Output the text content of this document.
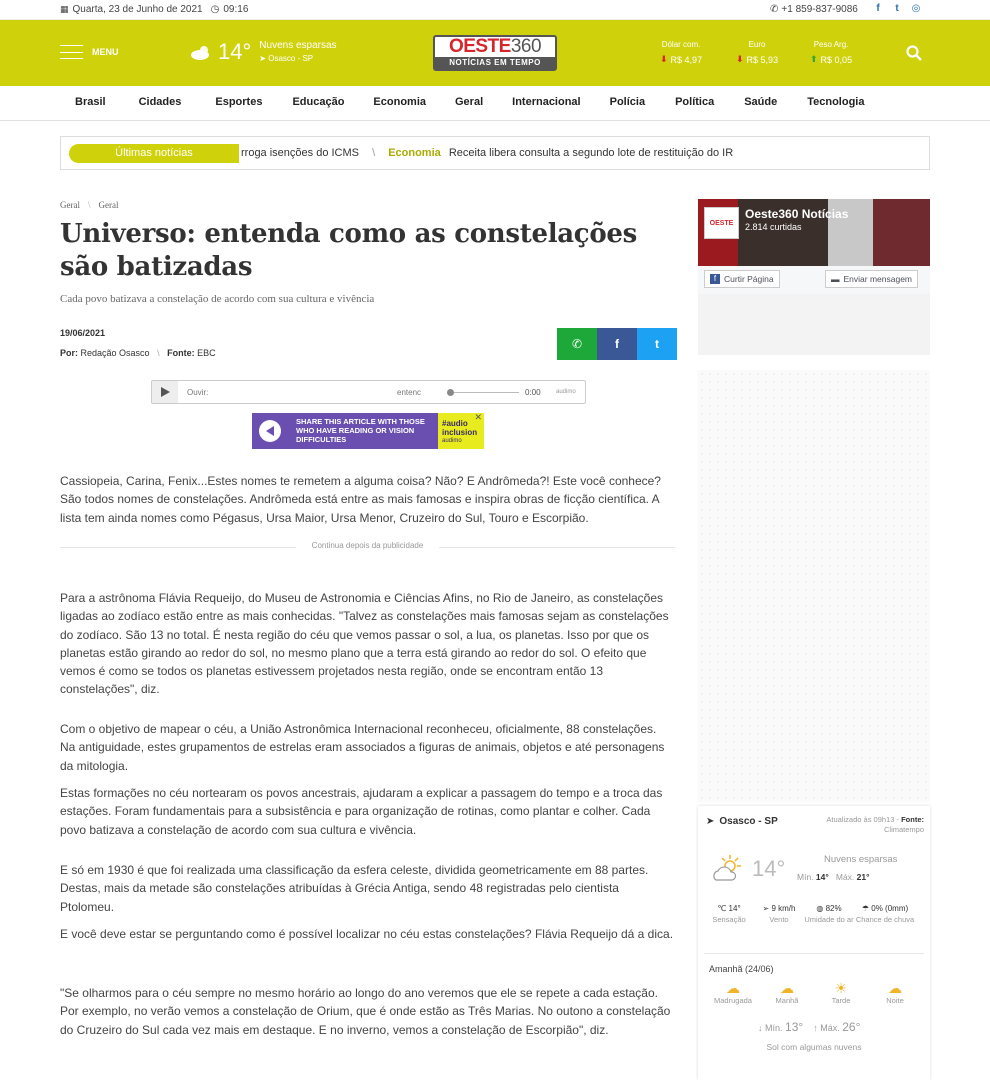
▦ Quarta, 23 de Junho de 2021 ◷ 09:16	✆ +1 859-837-9086	f	t	◎
MENU	14° Nuvens esparsas
➤ Osasco - SP
OESTE360
NOTÍCIAS EM TEMPO
Dólar com.
⬇ R$ 4,97
Euro
⬇ R$ 5,93
Peso Arg.
⬆ R$ 0,05
Brasil	Cidades	Esportes	Educação	Economia	Geral	Internacional	Polícia	Política	Saúde	Tecnologia
Últimas notícias	rroga isenções do ICMS \ Economia Receita libera consulta a segundo lote de restituição do IR
Geral \ Geral
Universo: entenda como as constelações são batizadas
Cada povo batizava a constelação de acordo com sua cultura e vivência
19/06/2021
Por: Redação Osasco \ Fonte: EBC
✆	f	t
Ouvir:	entenc	0:00	audimo
SHARE THIS ARTICLE WITH THOSE WHO HAVE READING OR VISION DIFFICULTIES
✕
#audio
inclusion
audimo

Cassiopeia, Carina, Fenix...Estes nomes te remetem a alguma coisa? Não? E Andrômeda?! Este você conhece? São todos nomes de constelações. Andrômeda está entre as mais famosas e inspira obras de ficção científica. A lista tem ainda nomes como Pégasus, Ursa Maior, Ursa Menor, Cruzeiro do Sul, Touro e Escorpião.

Continua depois da publicidade

Para a astrônoma Flávia Requeijo, do Museu de Astronomia e Ciências Afins, no Rio de Janeiro, as constelações ligadas ao zodíaco estão entre as mais conhecidas. "Talvez as constelações mais famosas sejam as constelações do zodíaco. São 13 no total. É nesta região do céu que vemos passar o sol, a lua, os planetas. Isso por que os planetas estão girando ao redor do sol, no mesmo plano que a terra está girando ao redor do sol. O efeito que vemos é como se todos os planetas estivessem projetados nesta região, onde se encontram então 13 constelações", diz.

Com o objetivo de mapear o céu, a União Astronômica Internacional reconheceu, oficialmente, 88 constelações. Na antiguidade, estes grupamentos de estrelas eram associados a figuras de animais, objetos e até personagens da mitologia.

Estas formações no céu nortearam os povos ancestrais, ajudaram a explicar a passagem do tempo e a troca das estações. Foram fundamentais para a subsistência e para organização de rotinas, como plantar e colher. Cada povo batizava a constelação de acordo com sua cultura e vivência.

E só em 1930 é que foi realizada uma classificação da esfera celeste, dividida geometricamente em 88 partes. Destas, mais da metade são constelações atribuídas à Grécia Antiga, sendo 48 registradas pelo cientista Ptolomeu.

E você deve estar se perguntando como é possível localizar no céu estas constelações? Flávia Requeijo dá a dica.

"Se olharmos para o céu sempre no mesmo horário ao longo do ano veremos que ele se repete a cada estação. Por exemplo, no verão vemos a constelação de Orium, que é onde estão as Três Marias. No outono a constelação do Cruzeiro do Sul cada vez mais em destaque. E no inverno, vemos a constelação de Escorpião", diz.

OESTE
Oeste360 Notícias
2.814 curtidas
f Curtir Página	▬ Enviar mensagem
➤ Osasco - SP	Atualizado às 09h13 - Fonte: Climatempo
14°	Nuvens esparsas
Mín. 14° Máx. 21°
℃ 14°
Sensação
➢ 9 km/h
Vento
◍ 82%
Umidade do ar
☂ 0% (0mm)
Chance de chuva
Amanhã (24/06)
☁
Madrugada
☁
Manhã
☀
Tarde
☁
Noite
↓ Mín. 13° ↑ Máx. 26°
Sol com algumas nuvens
